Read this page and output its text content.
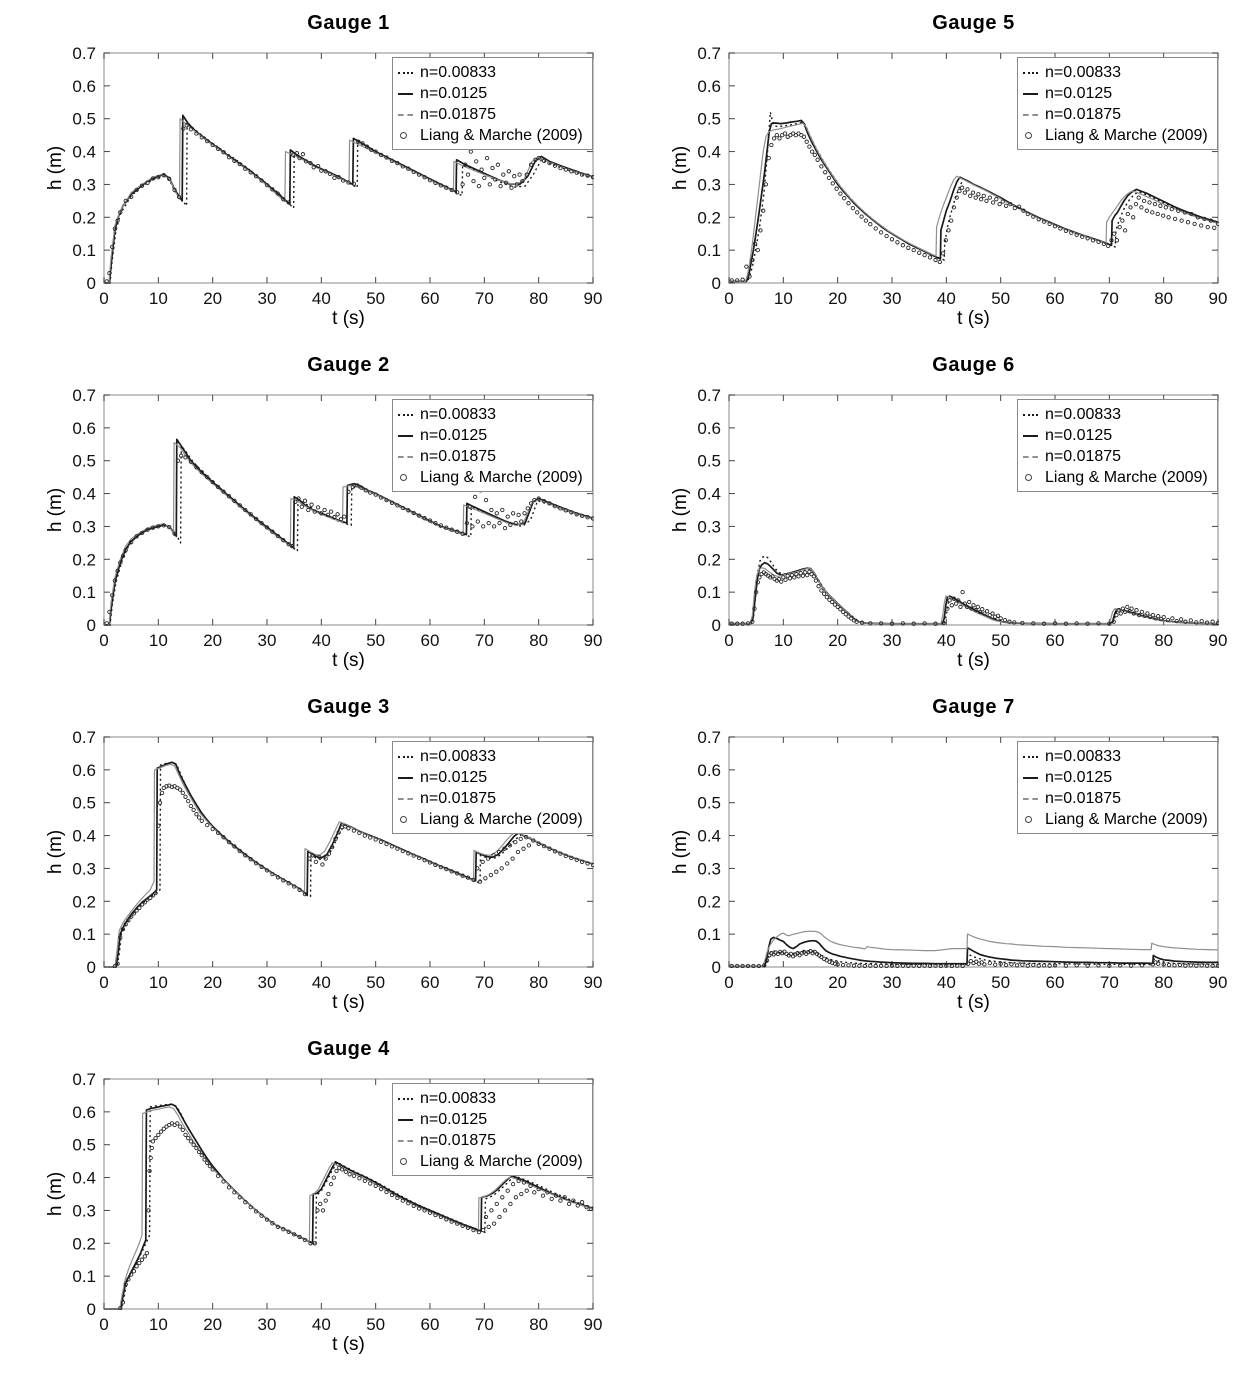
Gauge 1
h (m)
0 10 20 30 40 50 60 70 80 90
0
0.1
0.2
0.3
0.4
0.5
0.6
0.7
t (s)
n=0.00833
n=0.0125
n=0.01875
Liang & Marche (2009)
Gauge 5
h (m)
0 10 20 30 40 50 60 70 80 90
0
0.1
0.2
0.3
0.4
0.5
0.6
0.7
t (s)
n=0.00833
n=0.0125
n=0.01875
Liang & Marche (2009)
Gauge 2
h (m)
0 10 20 30 40 50 60 70 80 90
0
0.1
0.2
0.3
0.4
0.5
0.6
0.7
t (s)
n=0.00833
n=0.0125
n=0.01875
Liang & Marche (2009)
Gauge 6
h (m)
0 10 20 30 40 50 60 70 80 90
0
0.1
0.2
0.3
0.4
0.5
0.6
0.7
t (s)
n=0.00833
n=0.0125
n=0.01875
Liang & Marche (2009)
Gauge 3
h (m)
0 10 20 30 40 50 60 70 80 90
0
0.1
0.2
0.3
0.4
0.5
0.6
0.7
t (s)
n=0.00833
n=0.0125
n=0.01875
Liang & Marche (2009)
Gauge 7
h (m)
0 10 20 30 40 50 60 70 80 90
0
0.1
0.2
0.3
0.4
0.5
0.6
0.7
t (s)
n=0.00833
n=0.0125
n=0.01875
Liang & Marche (2009)
Gauge 4
h (m)
0 10 20 30 40 50 60 70 80 90
0
0.1
0.2
0.3
0.4
0.5
0.6
0.7
t (s)
n=0.00833
n=0.0125
n=0.01875
Liang & Marche (2009)
